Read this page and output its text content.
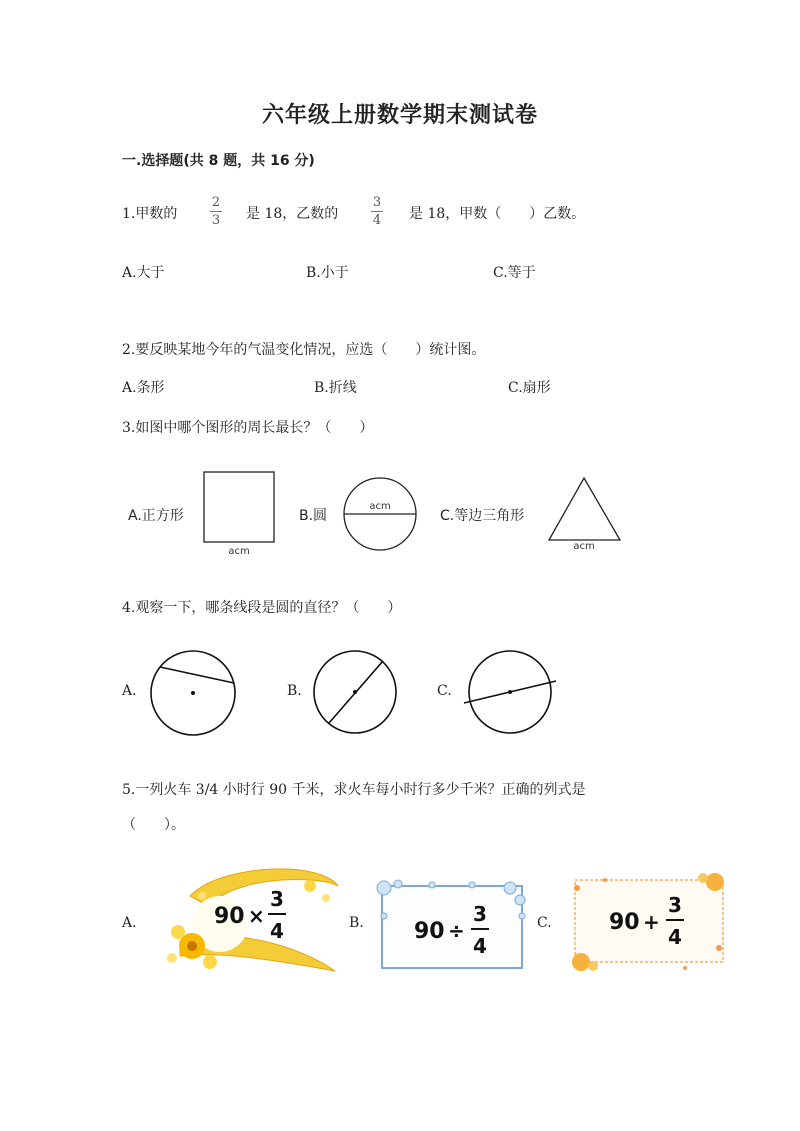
六年级上册数学期末测试卷
一.选择题(共 8 题，共 16 分)
1.甲数的
2
3 是 18，乙数的
3
4 是 18，甲数（　　）乙数。
A.大于	B.小于	C.等于
2.要反映某地今年的气温变化情况，应选（　　）统计图。
A.条形	B.折线	C.扇形
3.如图中哪个图形的周长最长？（　　）
A.正方形
acm
B.圆
acm
C.等边三角形
acm
4.观察一下，哪条线段是圆的直径？（　　）
A.	B.	C.
5.一列火车 3/4 小时行 90 千米，求火车每小时行多少千米？正确的列式是
（　　）。
A.	90 ×
3
4	B. 90 ÷
3
4
C.	90 +
3
4
